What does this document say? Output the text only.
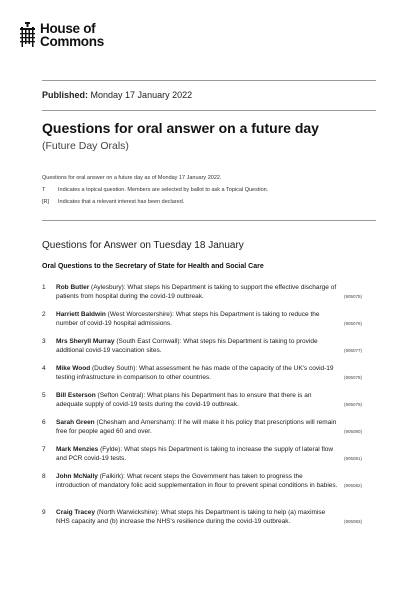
House of
Commons
Published: Monday 17 January 2022
Questions for oral answer on a future day
(Future Day Orals)
Questions for oral answer on a future day as of Monday 17 January 2022.
T	Indicates a topical question. Members are selected by ballot to ask a Topical Question.
[R]	Indicates that a relevant interest has been declared.
Questions for Answer on Tuesday 18 January
Oral Questions to the Secretary of State for Health and Social Care
1	Rob Butler (Aylesbury): What steps his Department is taking to support the effective discharge of patients from hospital during the covid-19 outbreak.	(905075)
2	Harriett Baldwin (West Worcestershire): What steps his Department is taking to reduce the number of covid-19 hospital admissions.	(905076)
3	Mrs Sheryll Murray (South East Cornwall): What steps his Department is taking to provide additional covid-19 vaccination sites.	(905077)
4	Mike Wood (Dudley South): What assessment he has made of the capacity of the UK's covid-19 testing infrastructure in comparison to other countries.	(905078)
5	Bill Esterson (Sefton Central): What plans his Department has to ensure that there is an adequate supply of covid-19 tests during the covid-19 outbreak.	(905079)
6	Sarah Green (Chesham and Amersham): If he will make it his policy that prescriptions will remain free for people aged 60 and over.	(905080)
7	Mark Menzies (Fylde): What steps his Department is taking to increase the supply of lateral flow and PCR covid-19 tests.	(905081)
8	John McNally (Falkirk): What recent steps the Government has taken to progress the introduction of mandatory folic acid supplementation in flour to prevent spinal conditions in babies. (905082)
9	Craig Tracey (North Warwickshire): What steps his Department is taking to help (a) maximise NHS capacity and (b) increase the NHS's resilience during the covid-19 outbreak.	(905083)
